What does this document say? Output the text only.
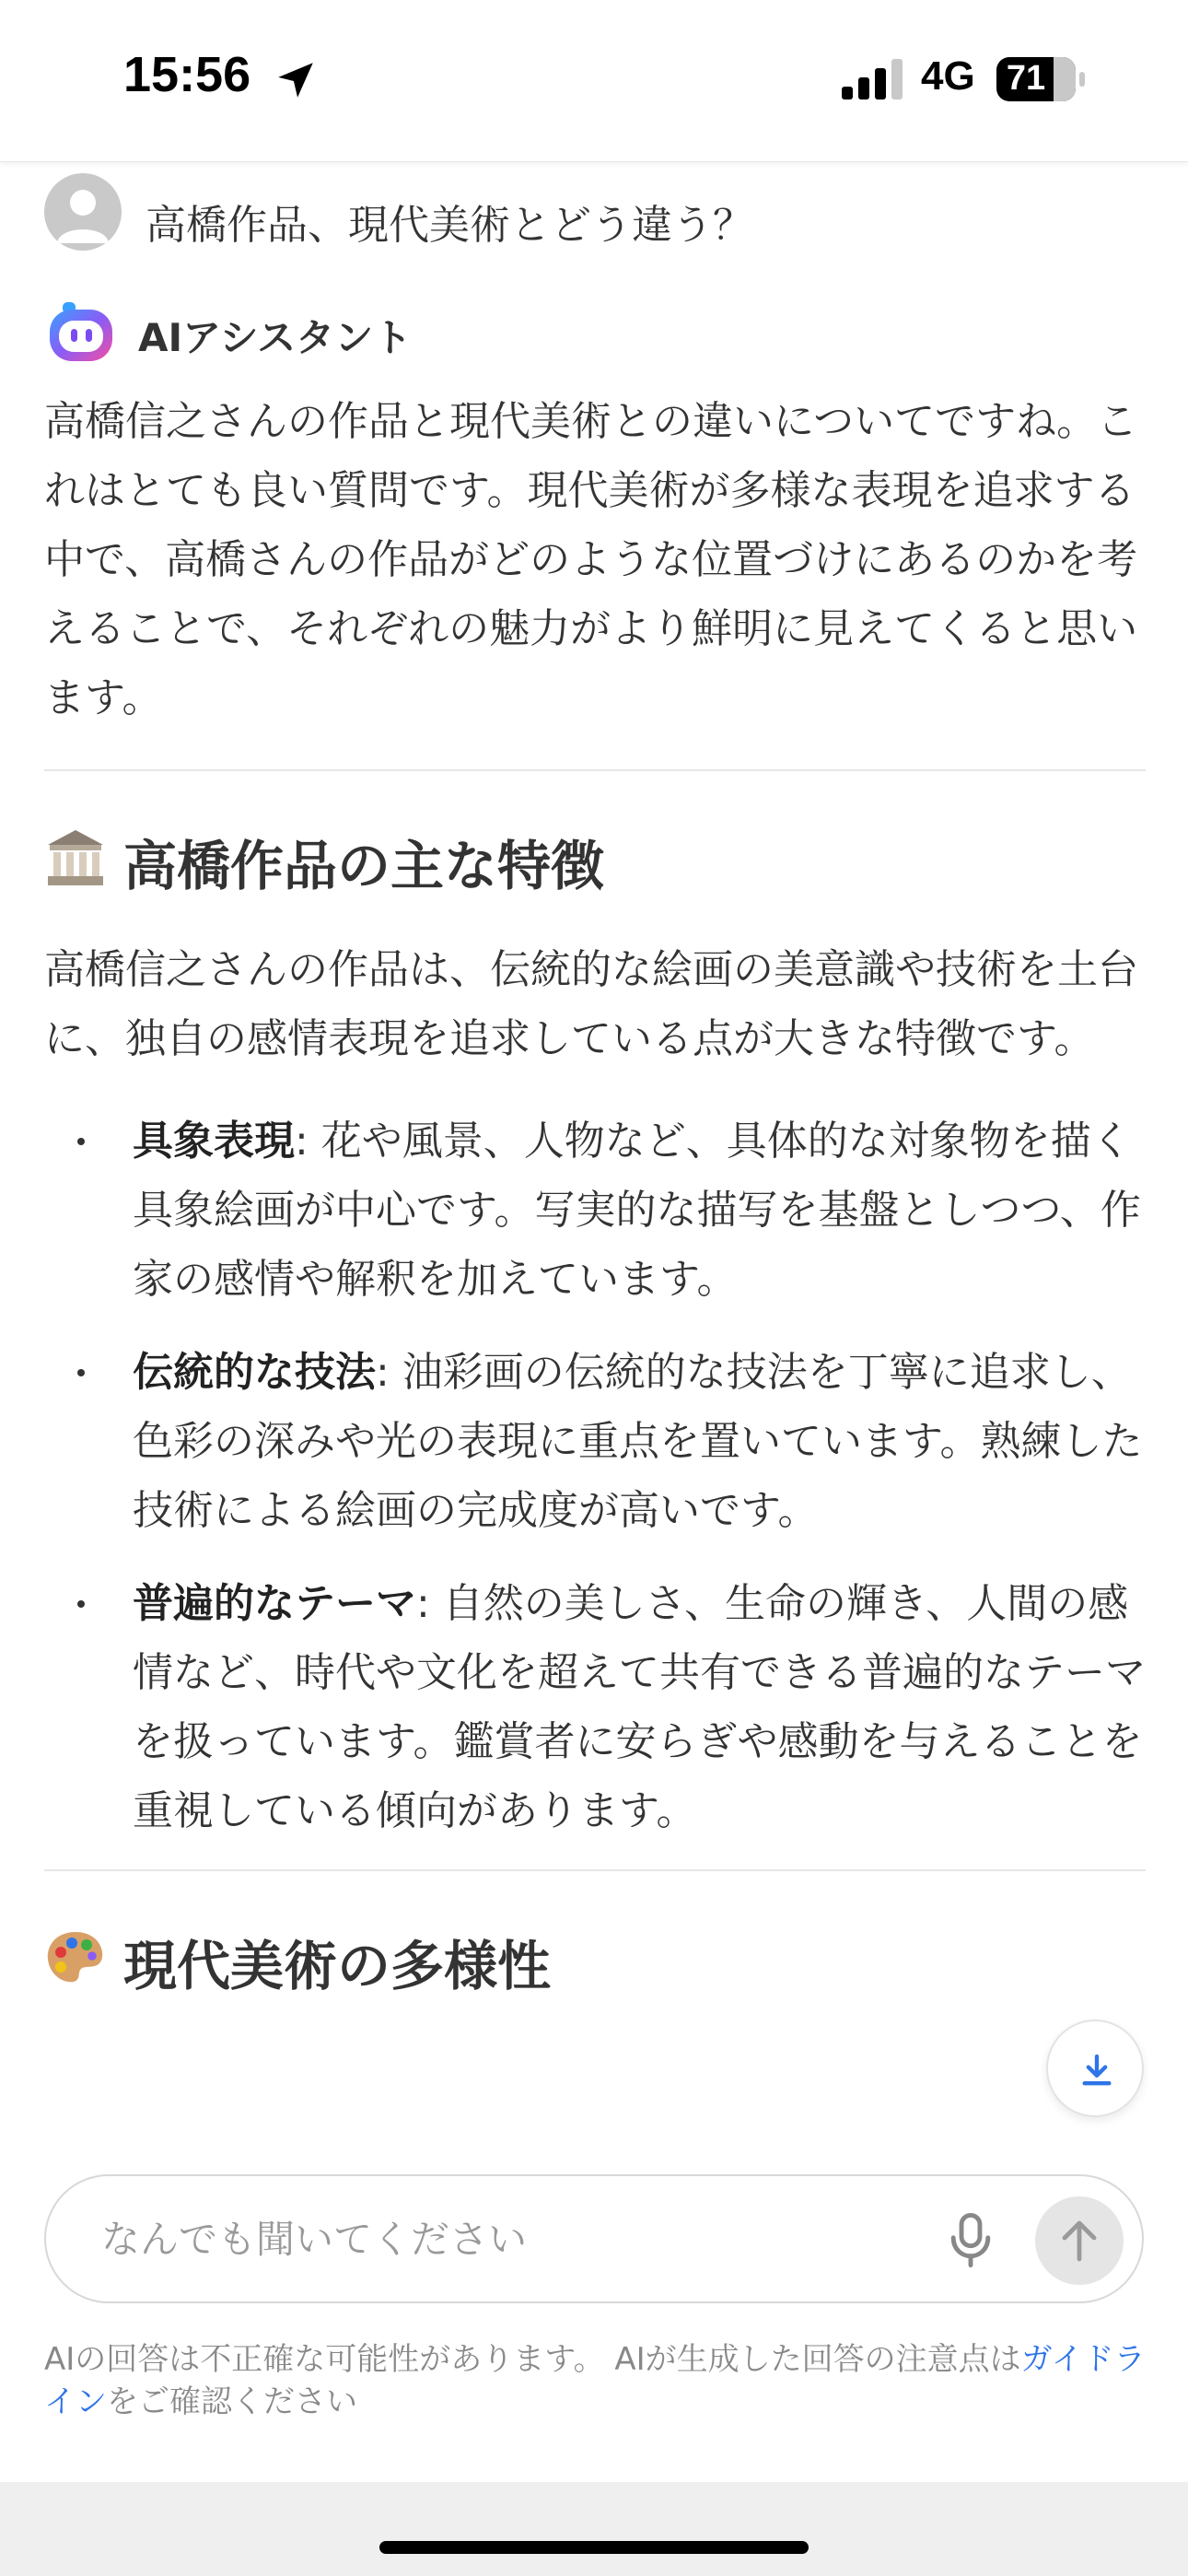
15:56	4G 71
高橋作品、現代美術とどう違う？
AIアシスタント

高橋信之さんの作品と現代美術との違いについてですね。これはとても良い質問です。現代美術が多様な表現を追求する中で、高橋さんの作品がどのような位置づけにあるのかを考えることで、それぞれの魅力がより鮮明に見えてくると思います。

高橋作品の主な特徴

高橋信之さんの作品は、伝統的な絵画の美意識や技術を土台に、独自の感情表現を追求している点が大きな特徴です。

具象表現: 花や風景、人物など、具体的な対象物を描く具象絵画が中心です。写実的な描写を基盤としつつ、作家の感情や解釈を加えています。
伝統的な技法: 油彩画の伝統的な技法を丁寧に追求し、色彩の深みや光の表現に重点を置いています。熟練した技術による絵画の完成度が高いです。
普遍的なテーマ: 自然の美しさ、生命の輝き、人間の感情など、時代や文化を超えて共有できる普遍的なテーマを扱っています。鑑賞者に安らぎや感動を与えることを重視している傾向があります。
現代美術の多様性
なんでも聞いてください
AIの回答は不正確な可能性があります。 AIが生成した回答の注意点はガイドラインをご確認ください
